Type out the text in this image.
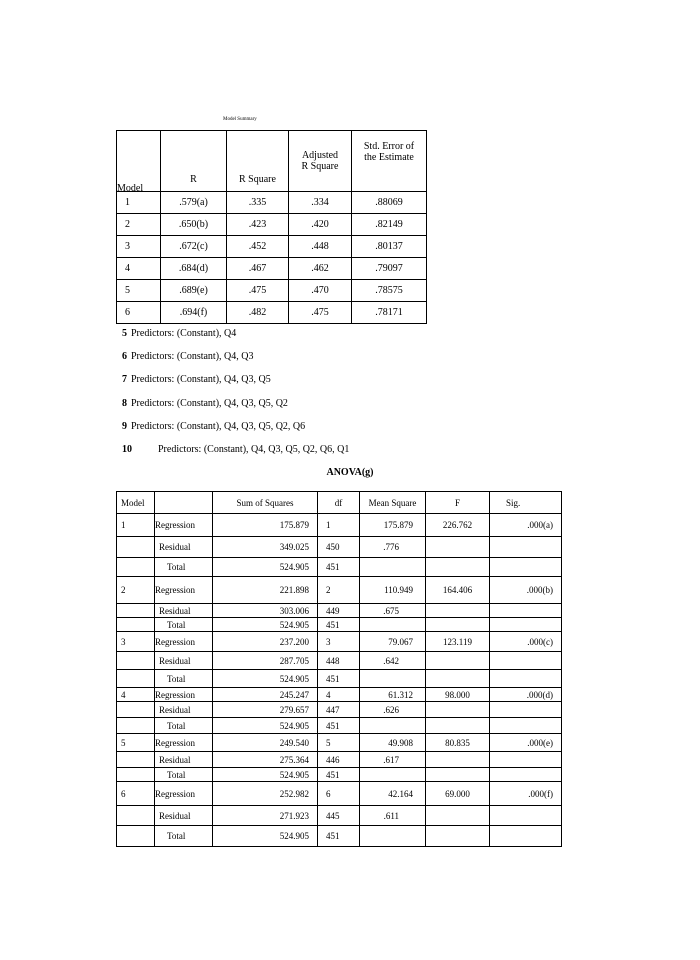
Model Summary
Model	R	R Square	Adjusted R Square	Std. Error of the Estimate
1	.579(a)	.335	.334	.88069
2	.650(b)	.423	.420	.82149
3	.672(c)	.452	.448	.80137
4	.684(d)	.467	.462	.79097
5	.689(e)	.475	.470	.78575
6	.694(f)	.482	.475	.78171
5 Predictors: (Constant), Q4
6 Predictors: (Constant), Q4, Q3
7 Predictors: (Constant), Q4, Q3, Q5
8 Predictors: (Constant), Q4, Q3, Q5, Q2
9 Predictors: (Constant), Q4, Q3, Q5, Q2, Q6
10	Predictors: (Constant), Q4, Q3, Q5, Q2, Q6, Q1
ANOVA(g)
Model		Sum of Squares	df	Mean Square	F	Sig.
1	Regression	175.879	1	175.879	226.762	.000(a)
	Residual	349.025	450	.776		
	Total	524.905	451			
2	Regression	221.898	2	110.949	164.406	.000(b)
	Residual	303.006	449	.675		
	Total	524.905	451			
3	Regression	237.200	3	79.067	123.119	.000(c)
	Residual	287.705	448	.642		
	Total	524.905	451			
4	Regression	245.247	4	61.312	98.000	.000(d)
	Residual	279.657	447	.626		
	Total	524.905	451			
5	Regression	249.540	5	49.908	80.835	.000(e)
	Residual	275.364	446	.617		
	Total	524.905	451			
6	Regression	252.982	6	42.164	69.000	.000(f)
	Residual	271.923	445	.611		
	Total	524.905	451			
